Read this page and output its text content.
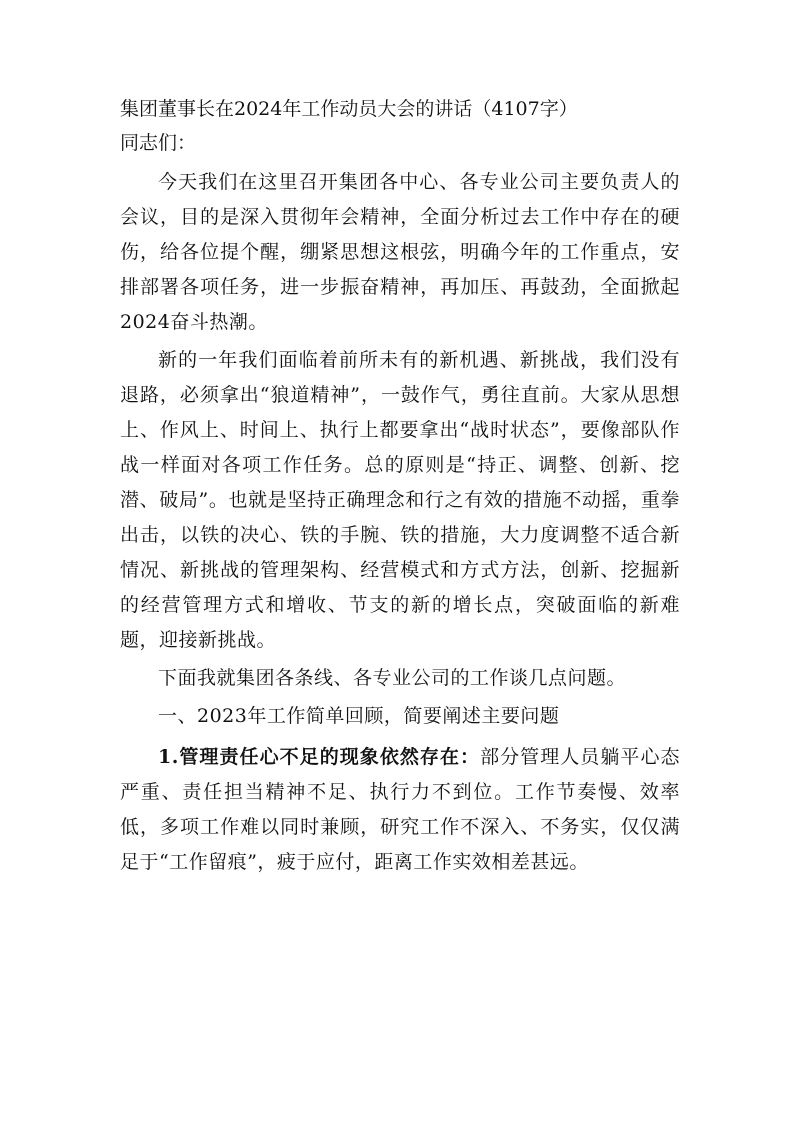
集团董事长在2024年工作动员大会的讲话（4107字）
同志们：

今天我们在这里召开集团各中心、各专业公司主要负责人的会议，目的是深入贯彻年会精神，全面分析过去工作中存在的硬伤，给各位提个醒，绷紧思想这根弦，明确今年的工作重点，安排部署各项任务，进一步振奋精神，再加压、再鼓劲，全面掀起2024奋斗热潮。

新的一年我们面临着前所未有的新机遇、新挑战，我们没有退路，必须拿出“狼道精神”，一鼓作气，勇往直前。大家从思想上、作风上、时间上、执行上都要拿出“战时状态”，要像部队作战一样面对各项工作任务。总的原则是“持正、调整、创新、挖潜、破局”。也就是坚持正确理念和行之有效的措施不动摇，重拳出击，以铁的决心、铁的手腕、铁的措施，大力度调整不适合新情况、新挑战的管理架构、经营模式和方式方法，创新、挖掘新的经营管理方式和增收、节支的新的增长点，突破面临的新难题，迎接新挑战。

下面我就集团各条线、各专业公司的工作谈几点问题。

一、2023年工作简单回顾，简要阐述主要问题

1.管理责任心不足的现象依然存在：部分管理人员躺平心态严重、责任担当精神不足、执行力不到位。工作节奏慢、效率低，多项工作难以同时兼顾，研究工作不深入、不务实，仅仅满足于“工作留痕”，疲于应付，距离工作实效相差甚远。
